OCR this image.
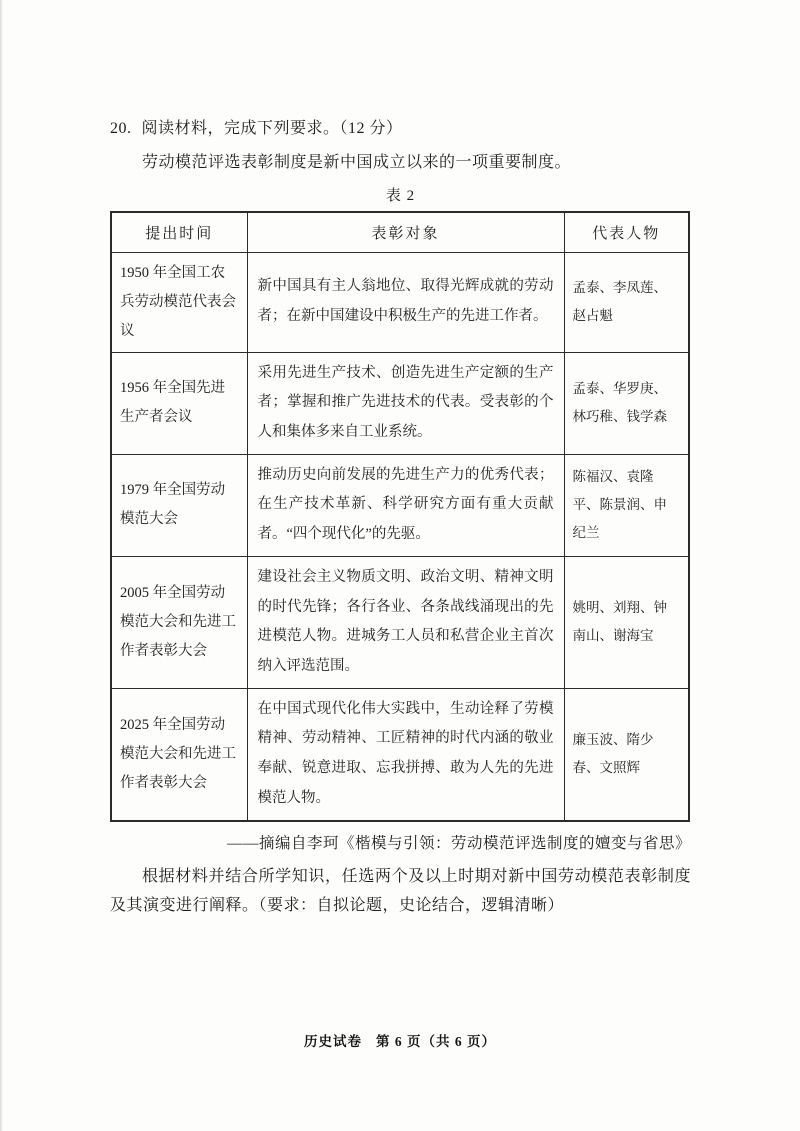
20. 阅读材料，完成下列要求。（12 分）
劳动模范评选表彰制度是新中国成立以来的一项重要制度。
表 2
提出时间	表彰对象	代表人物
1950 年全国工农兵劳动模范代表会议	新中国具有主人翁地位、取得光辉成就的劳动者；在新中国建设中积极生产的先进工作者。	孟泰、李凤莲、赵占魁
1956 年全国先进生产者会议	采用先进生产技术、创造先进生产定额的生产者；掌握和推广先进技术的代表。受表彰的个人和集体多来自工业系统。	孟泰、华罗庚、林巧稚、钱学森
1979 年全国劳动模范大会	推动历史向前发展的先进生产力的优秀代表；在生产技术革新、科学研究方面有重大贡献者。“四个现代化”的先驱。	陈福汉、袁隆平、陈景润、申纪兰
2005 年全国劳动模范大会和先进工作者表彰大会	建设社会主义物质文明、政治文明、精神文明的时代先锋；各行各业、各条战线涌现出的先进模范人物。进城务工人员和私营企业主首次纳入评选范围。	姚明、刘翔、钟南山、谢海宝
2025 年全国劳动模范大会和先进工作者表彰大会	在中国式现代化伟大实践中，生动诠释了劳模精神、劳动精神、工匠精神的时代内涵的敬业奉献、锐意进取、忘我拼搏、敢为人先的先进模范人物。	廉玉波、隋少春、文照辉
——摘编自李珂《楷模与引领：劳动模范评选制度的嬗变与省思》
根据材料并结合所学知识，任选两个及以上时期对新中国劳动模范表彰制度及其演变进行阐释。（要求：自拟论题，史论结合，逻辑清晰）
历史试卷 第 6 页（共 6 页）
